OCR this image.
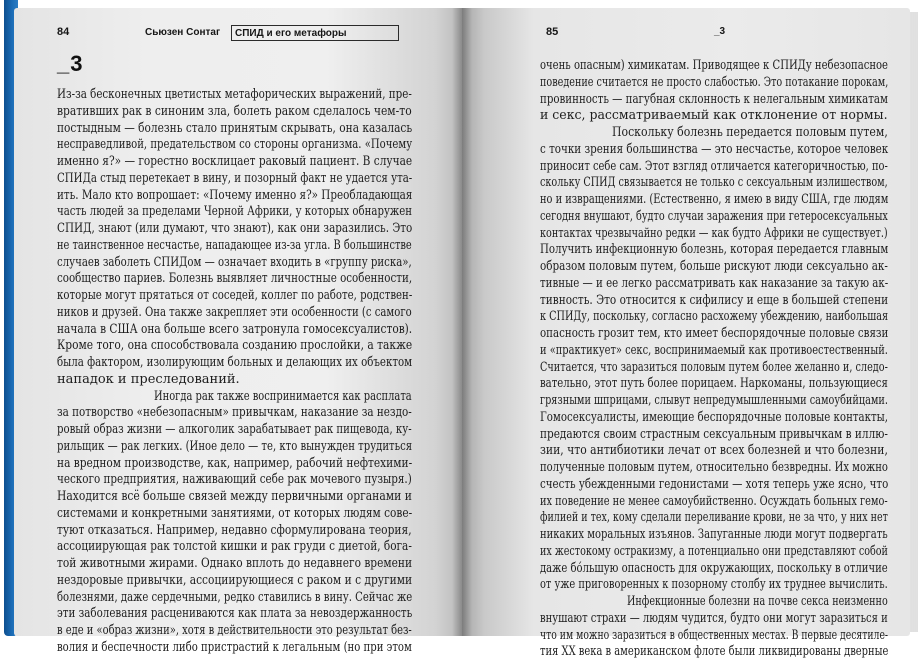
84	Сьюзен Сонтаг	СПИД и его метафоры
_3
Из-за бесконечных цветистых метафорических выражений, пре-
вративших рак в синоним зла, болеть раком сделалось чем-то
постыдным — болезнь стало принятым скрывать, она казалась
несправедливой, предательством со стороны организма. «Почему
именно я?» — горестно восклицает раковый пациент. В случае
СПИДа стыд перетекает в вину, и позорный факт не удается ута-
ить. Мало кто вопрошает: «Почему именно я?» Преобладающая
часть людей за пределами Черной Африки, у которых обнаружен
СПИД, знают (или думают, что знают), как они заразились. Это
не таинственное несчастье, нападающее из-за угла. В большинстве
случаев заболеть СПИДом — означает входить в «группу риска»,
сообщество париев. Болезнь выявляет личностные особенности,
которые могут прятаться от соседей, коллег по работе, родствен-
ников и друзей. Она также закрепляет эти особенности (с самого
начала в США она больше всего затронула гомосексуалистов).
Кроме того, она способствовала созданию прослойки, а также
была фактором, изолирующим больных и делающих их объектом
нападок и преследований.
Иногда рак также воспринимается как расплата
за потворство «небезопасным» привычкам, наказание за нездо-
ровый образ жизни — алкоголик зарабатывает рак пищевода, ку-
рильщик — рак легких. (Иное дело — те, кто вынужден трудиться
на вредном производстве, как, например, рабочий нефтехими-
ческого предприятия, наживающий себе рак мочевого пузыря.)
Находится всё больше связей между первичными органами и
системами и конкретными занятиями, от которых людям сове-
туют отказаться. Например, недавно сформулирована теория,
ассоциирующая рак толстой кишки и рак груди с диетой, бога-
той животными жирами. Однако вплоть до недавнего времени
нездоровые привычки, ассоциирующиеся с раком и с другими
болезнями, даже сердечными, редко ставились в вину. Сейчас же
эти заболевания расцениваются как плата за невоздержанность
в еде и «образ жизни», хотя в действительности это результат без-
волия и беспечности либо пристрастий к легальным (но при этом
85	_3
очень опасным) химикатам. Приводящее к СПИДу небезопасное
поведение считается не просто слабостью. Это потакание порокам,
провинность — пагубная склонность к нелегальным химикатам
и секс, рассматриваемый как отклонение от нормы.
Поскольку болезнь передается половым путем,
с точки зрения большинства — это несчастье, которое человек
приносит себе сам. Этот взгляд отличается категоричностью, по-
скольку СПИД связывается не только с сексуальным излишеством,
но и извращениями. (Естественно, я имею в виду США, где людям
сегодня внушают, будто случаи заражения при гетеросексуальных
контактах чрезвычайно редки — как будто Африки не существует.)
Получить инфекционную болезнь, которая передается главным
образом половым путем, больше рискуют люди сексуально ак-
тивные — и ее легко рассматривать как наказание за такую ак-
тивность. Это относится к сифилису и еще в большей степени
к СПИДу, поскольку, согласно расхожему убеждению, наибольшая
опасность грозит тем, кто имеет беспорядочные половые связи
и «практикует» секс, воспринимаемый как противоестественный.
Считается, что заразиться половым путем более желанно и, следо-
вательно, этот путь более порицаем. Наркоманы, пользующиеся
грязными шприцами, слывут непредумышленными самоубийцами.
Гомосексуалисты, имеющие беспорядочные половые контакты,
предаются своим страстным сексуальным привычкам в иллю-
зии, что антибиотики лечат от всех болезней и что болезни,
полученные половым путем, относительно безвредны. Их можно
счесть убежденными гедонистами — хотя теперь уже ясно, что
их поведение не менее самоубийственно. Осуждать больных гемо-
филией и тех, кому сделали переливание крови, не за что, у них нет
никаких моральных изъянов. Запуганные люди могут подвергать
их жестокому остракизму, а потенциально они представляют собой
даже бо́льшую опасность для окружающих, поскольку в отличие
от уже приговоренных к позорному столбу их труднее вычислить.
Инфекционные болезни на почве секса неизменно
внушают страхи — людям чудится, будто они могут заразиться и
что им можно заразиться в общественных местах. В первые десятиле-
тия XX века в американском флоте были ликвидированы дверные
